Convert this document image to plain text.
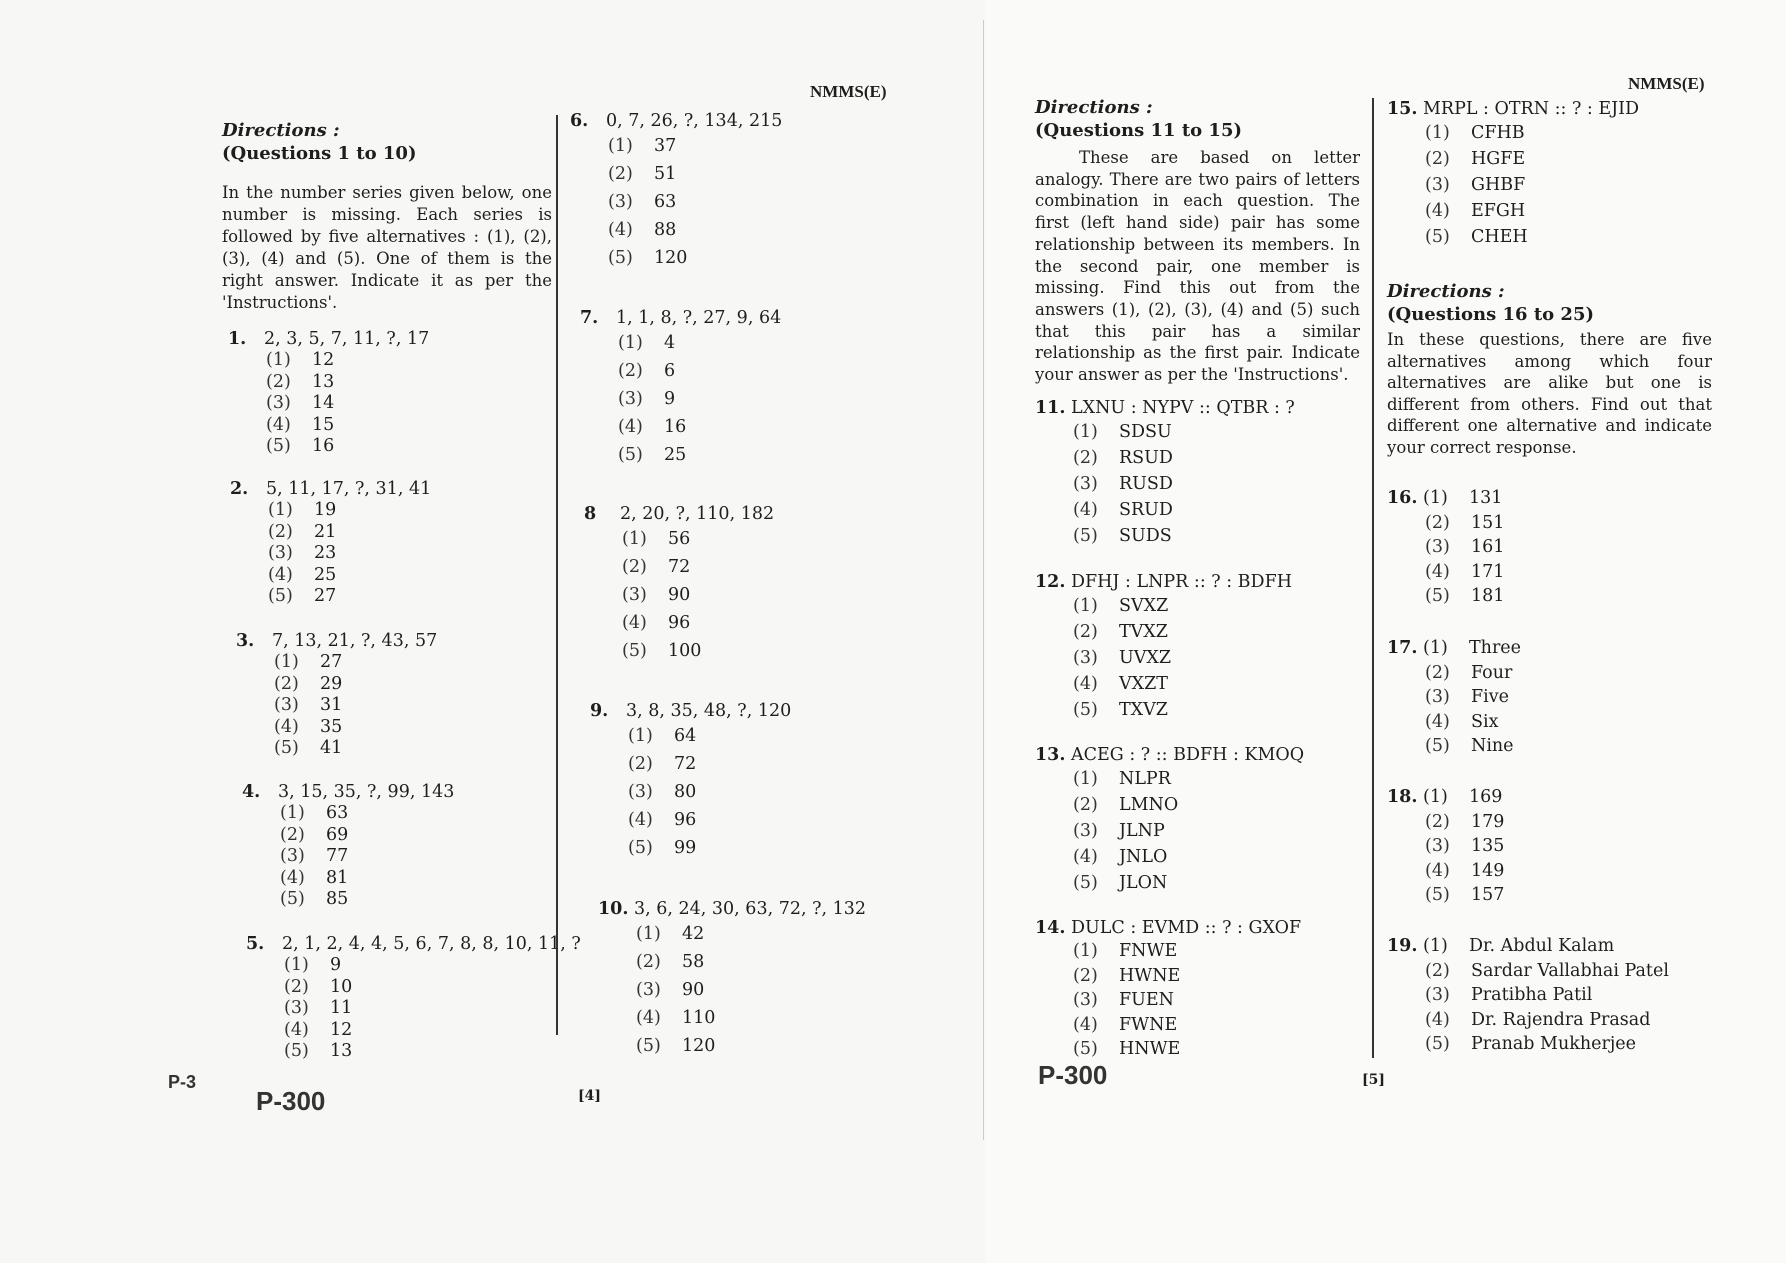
NMMS(E)	NMMS(E)
Directions :
(Questions 1 to 10)
In the number series given below, one number is missing. Each series is followed by five alternatives : (1), (2), (3), (4) and (5). One of them is the right answer. Indicate it as per the 'Instructions'.
Directions :
(Questions 11 to 15)
These are based on letter analogy. There are two pairs of letters combination in each question. The first (left hand side) pair has some relationship between its members. In the second pair, one member is missing. Find this out from the answers (1), (2), (3), (4) and (5) such that this pair has a similar relationship as the first pair. Indicate your answer as per the 'Instructions'.
Directions :
(Questions 16 to 25)
In these questions, there are five alternatives among which four alternatives are alike but one is different from others. Find out that different one alternative and indicate your correct response.
1. 2, 3, 5, 7, 11, ?, 17
(1)	12
(2)	13
(3)	14
(4)	15
(5)	16
2. 5, 11, 17, ?, 31, 41
(1)	19
(2)	21
(3)	23
(4)	25
(5)	27
3. 7, 13, 21, ?, 43, 57
(1)	27
(2)	29
(3)	31
(4)	35
(5)	41
4. 3, 15, 35, ?, 99, 143
(1)	63
(2)	69
(3)	77
(4)	81
(5)	85
5. 2, 1, 2, 4, 4, 5, 6, 7, 8, 8, 10, 11, ?
(1)	9
(2)	10
(3)	11
(4)	12
(5)	13
6. 0, 7, 26, ?, 134, 215
(1)	37
(2)	51
(3)	63
(4)	88
(5)	120
7. 1, 1, 8, ?, 27, 9, 64
(1)	4
(2)	6
(3)	9
(4)	16
(5)	25
8 2, 20, ?, 110, 182
(1)	56
(2)	72
(3)	90
(4)	96
(5)	100
9. 3, 8, 35, 48, ?, 120
(1)	64
(2)	72
(3)	80
(4)	96
(5)	99
10. 3, 6, 24, 30, 63, 72, ?, 132
(1)	42
(2)	58
(3)	90
(4)	110
(5)	120
11. LXNU : NYPV :: QTBR : ?
(1)	SDSU
(2)	RSUD
(3)	RUSD
(4)	SRUD
(5)	SUDS
12. DFHJ : LNPR :: ? : BDFH
(1)	SVXZ
(2)	TVXZ
(3)	UVXZ
(4)	VXZT
(5)	TXVZ
13. ACEG : ? :: BDFH : KMOQ
(1)	NLPR
(2)	LMNO
(3)	JLNP
(4)	JNLO
(5)	JLON
14. DULC : EVMD :: ? : GXOF
(1)	FNWE
(2)	HWNE
(3)	FUEN
(4)	FWNE
(5)	HNWE
15. MRPL : OTRN :: ? : EJID
(1)	CFHB
(2)	HGFE
(3)	GHBF
(4)	EFGH
(5)	CHEH
16. (1)	131
(2)	151
(3)	161
(4)	171
(5)	181
17. (1)	Three
(2)	Four
(3)	Five
(4)	Six
(5)	Nine
18. (1)	169
(2)	179
(3)	135
(4)	149
(5)	157
19. (1)	Dr. Abdul Kalam
(2)	Sardar Vallabhai Patel
(3)	Pratibha Patil
(4)	Dr. Rajendra Prasad
(5)	Pranab Mukherjee
P-3
P-300
P-300
[4]
[5]
